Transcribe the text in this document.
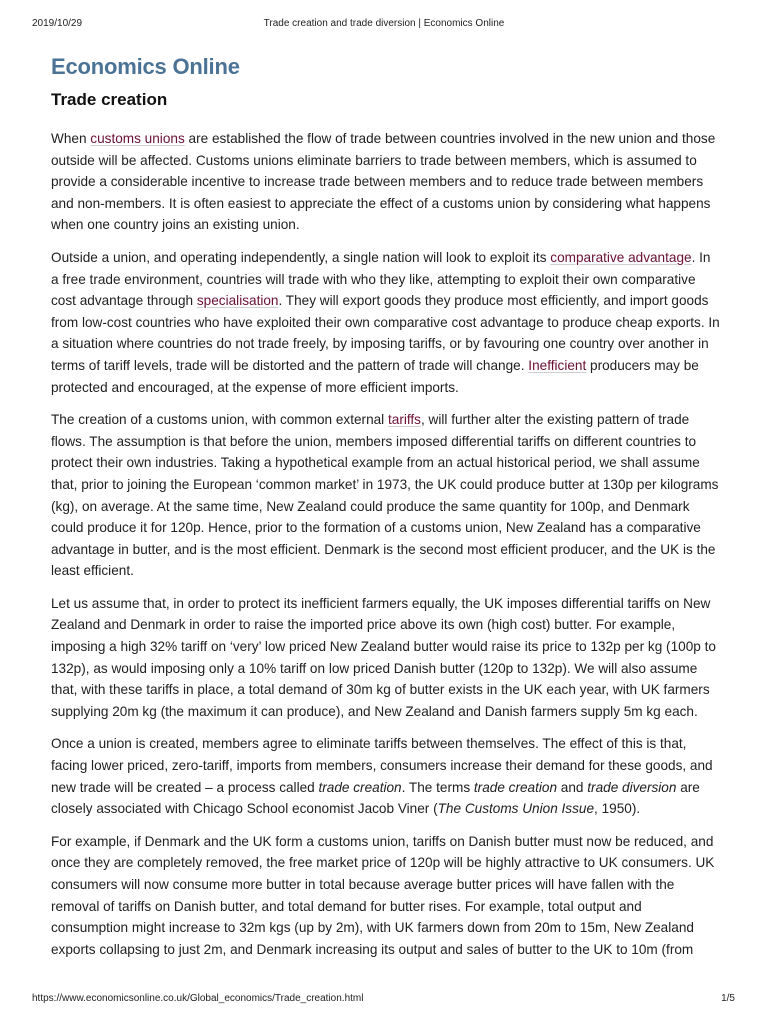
2019/10/29	Trade creation and trade diversion | Economics Online
Economics Online
Trade creation

When customs unions are established the flow of trade between countries involved in the new union and those outside will be affected. Customs unions eliminate barriers to trade between members, which is assumed to provide a considerable incentive to increase trade between members and to reduce trade between members and non-members. It is often easiest to appreciate the effect of a customs union by considering what happens when one country joins an existing union.

Outside a union, and operating independently, a single nation will look to exploit its comparative advantage. In a free trade environment, countries will trade with who they like, attempting to exploit their own comparative cost advantage through specialisation. They will export goods they produce most efficiently, and import goods from low-cost countries who have exploited their own comparative cost advantage to produce cheap exports. In a situation where countries do not trade freely, by imposing tariffs, or by favouring one country over another in terms of tariff levels, trade will be distorted and the pattern of trade will change. Inefficient producers may be protected and encouraged, at the expense of more efficient imports.

The creation of a customs union, with common external tariffs, will further alter the existing pattern of trade flows. The assumption is that before the union, members imposed differential tariffs on different countries to protect their own industries. Taking a hypothetical example from an actual historical period, we shall assume that, prior to joining the European ‘common market’ in 1973, the UK could produce butter at 130p per kilograms (kg), on average. At the same time, New Zealand could produce the same quantity for 100p, and Denmark could produce it for 120p. Hence, prior to the formation of a customs union, New Zealand has a comparative advantage in butter, and is the most efficient. Denmark is the second most efficient producer, and the UK is the least efficient.

Let us assume that, in order to protect its inefficient farmers equally, the UK imposes differential tariffs on New Zealand and Denmark in order to raise the imported price above its own (high cost) butter. For example, imposing a high 32% tariff on ‘very’ low priced New Zealand butter would raise its price to 132p per kg (100p to 132p), as would imposing only a 10% tariff on low priced Danish butter (120p to 132p). We will also assume that, with these tariffs in place, a total demand of 30m kg of butter exists in the UK each year, with UK farmers supplying 20m kg (the maximum it can produce), and New Zealand and Danish farmers supply 5m kg each.

Once a union is created, members agree to eliminate tariffs between themselves. The effect of this is that, facing lower priced, zero-tariff, imports from members, consumers increase their demand for these goods, and new trade will be created – a process called trade creation. The terms trade creation and trade diversion are closely associated with Chicago School economist Jacob Viner (The Customs Union Issue, 1950).

For example, if Denmark and the UK form a customs union, tariffs on Danish butter must now be reduced, and once they are completely removed, the free market price of 120p will be highly attractive to UK consumers. UK consumers will now consume more butter in total because average butter prices will have fallen with the removal of tariffs on Danish butter, and total demand for butter rises. For example, total output and consumption might increase to 32m kgs (up by 2m), with UK farmers down from 20m to 15m, New Zealand exports collapsing to just 2m, and Denmark increasing its output and sales of butter to the UK to 10m (from

https://www.economicsonline.co.uk/Global_economics/Trade_creation.html	1/5
